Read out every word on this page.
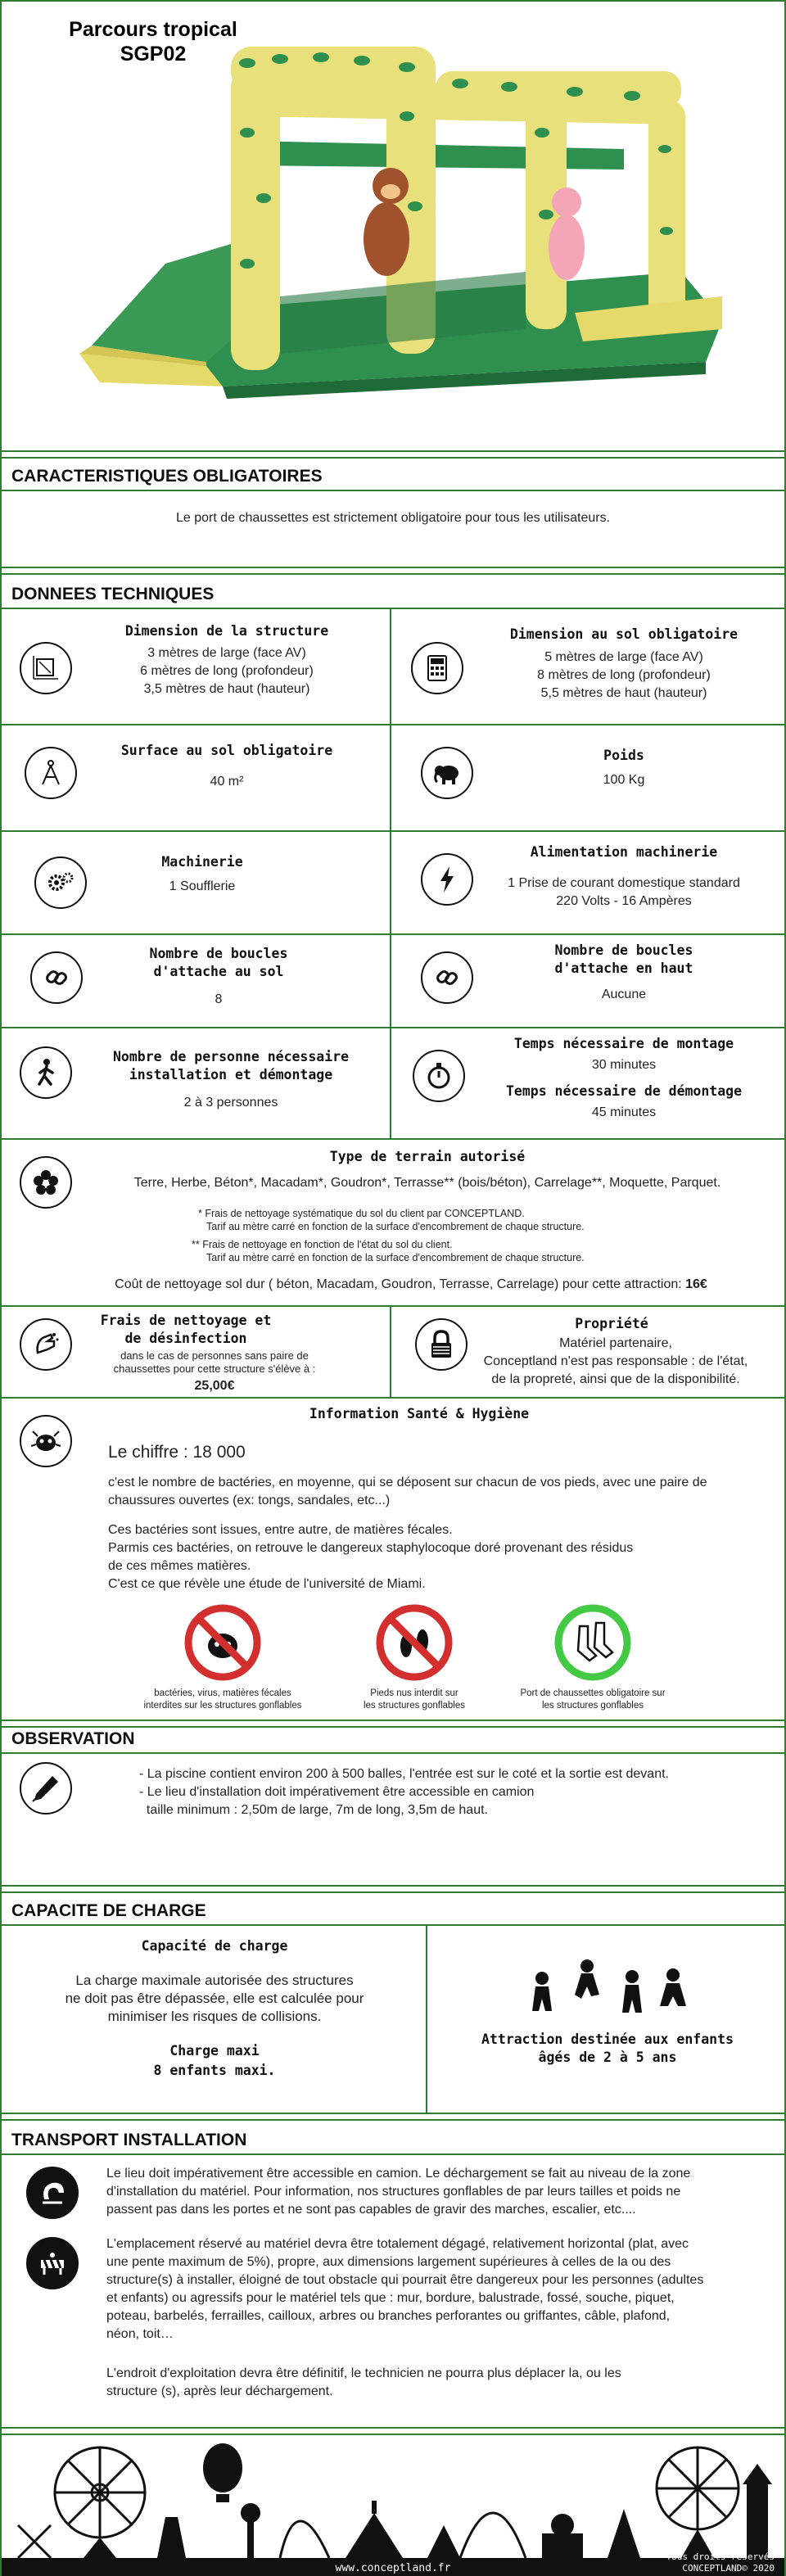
Parcours tropical
SGP02
CARACTERISTIQUES OBLIGATOIRES
Le port de chaussettes est strictement obligatoire pour tous les utilisateurs.
DONNEES TECHNIQUES
Dimension de la structure
3 mètres de large (face AV)
6 mètres de long (profondeur)
3,5 mètres de haut (hauteur)
Dimension au sol obligatoire
5 mètres de large (face AV)
8 mètres de long (profondeur)
5,5 mètres de haut (hauteur)
Surface au sol obligatoire
40 m²
Poids
100 Kg
Machinerie
1 Soufflerie
Alimentation machinerie
1 Prise de courant domestique standard
220 Volts - 16 Ampères
Nombre de boucles
d'attache au sol
8
Nombre de boucles
d'attache en haut
Aucune
Nombre de personne nécessaire
installation et démontage
2 à 3 personnes
Temps nécessaire de montage
30 minutes
Temps nécessaire de démontage
45 minutes
Type de terrain autorisé
Terre, Herbe, Béton*, Macadam*, Goudron*, Terrasse** (bois/béton), Carrelage**, Moquette, Parquet.
* Frais de nettoyage systématique du sol du client par CONCEPTLAND.
Tarif au mètre carré en fonction de la surface d'encombrement de chaque structure.
** Frais de nettoyage en fonction de l'état du sol du client.
Tarif au mètre carré en fonction de la surface d'encombrement de chaque structure.
Coût de nettoyage sol dur ( béton, Macadam, Goudron, Terrasse, Carrelage) pour cette attraction: 16€
Frais de nettoyage et
de désinfection
dans le cas de personnes sans paire de
chaussettes pour cette structure s'élève à :
25,00€
Propriété
Matériel partenaire,
Conceptland n'est pas responsable : de l'état,
de la propreté, ainsi que de la disponibilité.
Information Santé & Hygiène
Le chiffre : 18 000
c'est le nombre de bactéries, en moyenne, qui se déposent sur chacun de vos pieds, avec une paire de
chaussures ouvertes (ex: tongs, sandales, etc...)
Ces bactéries sont issues, entre autre, de matières fécales.
Parmis ces bactéries, on retrouve le dangereux staphylocoque doré provenant des résidus
de ces mêmes matières.
C'est ce que révèle une étude de l'université de Miami.
bactéries, virus, matières fécales
interdites sur les structures gonflables
Pieds nus interdit sur
les structures gonflables
Port de chaussettes obligatoire sur
les structures gonflables
OBSERVATION
- La piscine contient environ 200 à 500 balles, l'entrée est sur le coté et la sortie est devant.
- Le lieu d'installation doit impérativement être accessible en camion
taille minimum : 2,50m de large, 7m de long, 3,5m de haut.
CAPACITE DE CHARGE
Capacité de charge
La charge maximale autorisée des structures
ne doit pas être dépassée, elle est calculée pour
minimiser les risques de collisions.
Charge maxi
8 enfants maxi.
Attraction destinée aux enfants
âgés de 2 à 5 ans
TRANSPORT INSTALLATION
Le lieu doit impérativement être accessible en camion. Le déchargement se fait au niveau de la zone
d'installation du matériel. Pour information, nos structures gonflables de par leurs tailles et poids ne
passent pas dans les portes et ne sont pas capables de gravir des marches, escalier, etc....
L'emplacement réservé au matériel devra être totalement dégagé, relativement horizontal (plat, avec
une pente maximum de 5%), propre, aux dimensions largement supérieures à celles de la ou des
structure(s) à installer, éloigné de tout obstacle qui pourrait être dangereux pour les personnes (adultes
et enfants) ou agressifs pour le matériel tels que : mur, bordure, balustrade, fossé, souche, piquet,
poteau, barbelés, ferrailles, cailloux, arbres ou branches perforantes ou griffantes, câble, plafond,
néon, toit…
L'endroit d'exploitation devra être définitif, le technicien ne pourra plus déplacer la, ou les
structure (s), après leur déchargement.
www.conceptland.fr
Tous droits réservés
CONCEPTLAND© 2020
